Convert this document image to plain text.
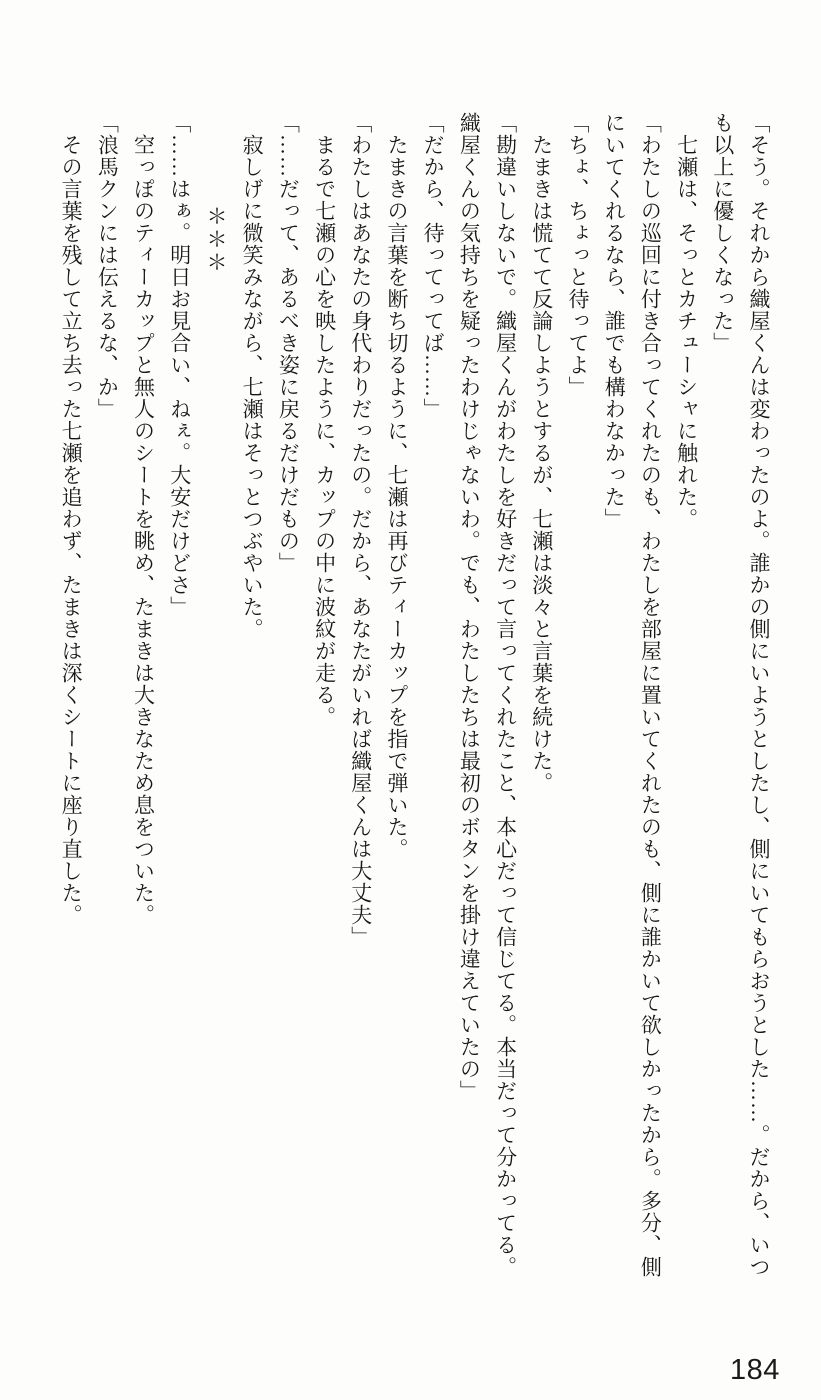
「そう。それから織屋くんは変わったのよ。誰かの側にいようとしたし、側にいてもらおうとした……。だから、いつ
も以上に優しくなった」
七瀬は、そっとカチューシャに触れた。
「わたしの巡回に付き合ってくれたのも、わたしを部屋に置いてくれたのも、側に誰かいて欲しかったから。多分、側
にいてくれるなら、誰でも構わなかった」
「ちょ、ちょっと待ってよ」
たまきは慌てて反論しようとするが、七瀬は淡々と言葉を続けた。
「勘違いしないで。織屋くんがわたしを好きだって言ってくれたこと、本心だって信じてる。本当だって分かってる。
織屋くんの気持ちを疑ったわけじゃないわ。でも、わたしたちは最初のボタンを掛け違えていたの」
「だから、待ってってば……」
たまきの言葉を断ち切るように、七瀬は再びティーカップを指で弾いた。
「わたしはあなたの身代わりだったの。だから、あなたがいれば織屋くんは大丈夫」
まるで七瀬の心を映したように、カップの中に波紋が走る。
「……だって、あるべき姿に戻るだけだもの」
寂しげに微笑みながら、七瀬はそっとつぶやいた。
＊＊＊
「……はぁ。明日お見合い、ねぇ。大安だけどさ」
空っぽのティーカップと無人のシートを眺め、たまきは大きなため息をついた。
「浪馬クンには伝えるな、か」
その言葉を残して立ち去った七瀬を追わず、たまきは深くシートに座り直した。
184
